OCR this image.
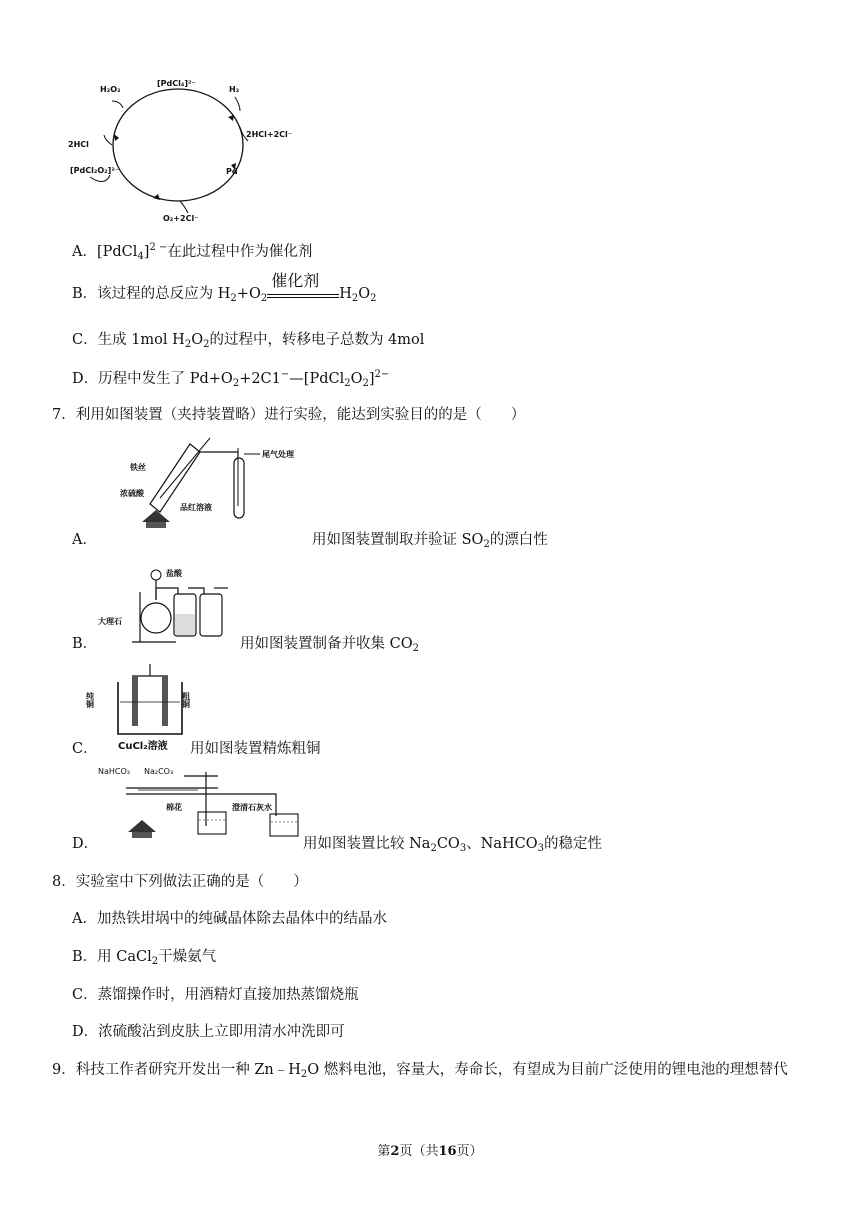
H₂O₂
[PdCl₄]²⁻
H₂
2HCl
2HCl+2Cl⁻
[PdCl₂O₂]²⁻	Pd
O₂+2Cl⁻
A．[PdCl$_4$]$^{2 -}$在此过程中作为催化剂
B．该过程的总反应为 $H_2+O_2$
催化剂
$H_2O_2$
C．生成 1mol $H_2O_2$的过程中，转移电子总数为 4mol
D．历程中发生了 $Pd+O_2+2C1^-—[PdCl_2O_2]^{2-}$
7．利用如图装置（夹持装置略）进行实验，能达到实验目的的是（　　）
铁丝
浓硫酸
尾气处理
品红溶液
A．	用如图装置制取并验证 $SO_2$的漂白性
盐酸
大理石
B．	用如图装置制备并收集 $CO_2$
纯铜	粗铜
CuCl₂溶液
C．	用如图装置精炼粗铜
NaHCO₃ Na₂CO₃
棉花	澄清石灰水
D．	用如图装置比较 $Na_2CO_3$、NaHCO$_3$的稳定性
8．实验室中下列做法正确的是（　　）
A．加热铁坩埚中的纯碱晶体除去晶体中的结晶水
B．用 CaCl$_2$干燥氨气
C．蒸馏操作时，用酒精灯直接加热蒸馏烧瓶
D．浓硫酸沾到皮肤上立即用清水冲洗即可
9．科技工作者研究开发出一种 $Zn﹣H_2O$ 燃料电池，容量大，寿命长，有望成为目前广泛使用的锂电池的理想替代
第2页（共16页）
